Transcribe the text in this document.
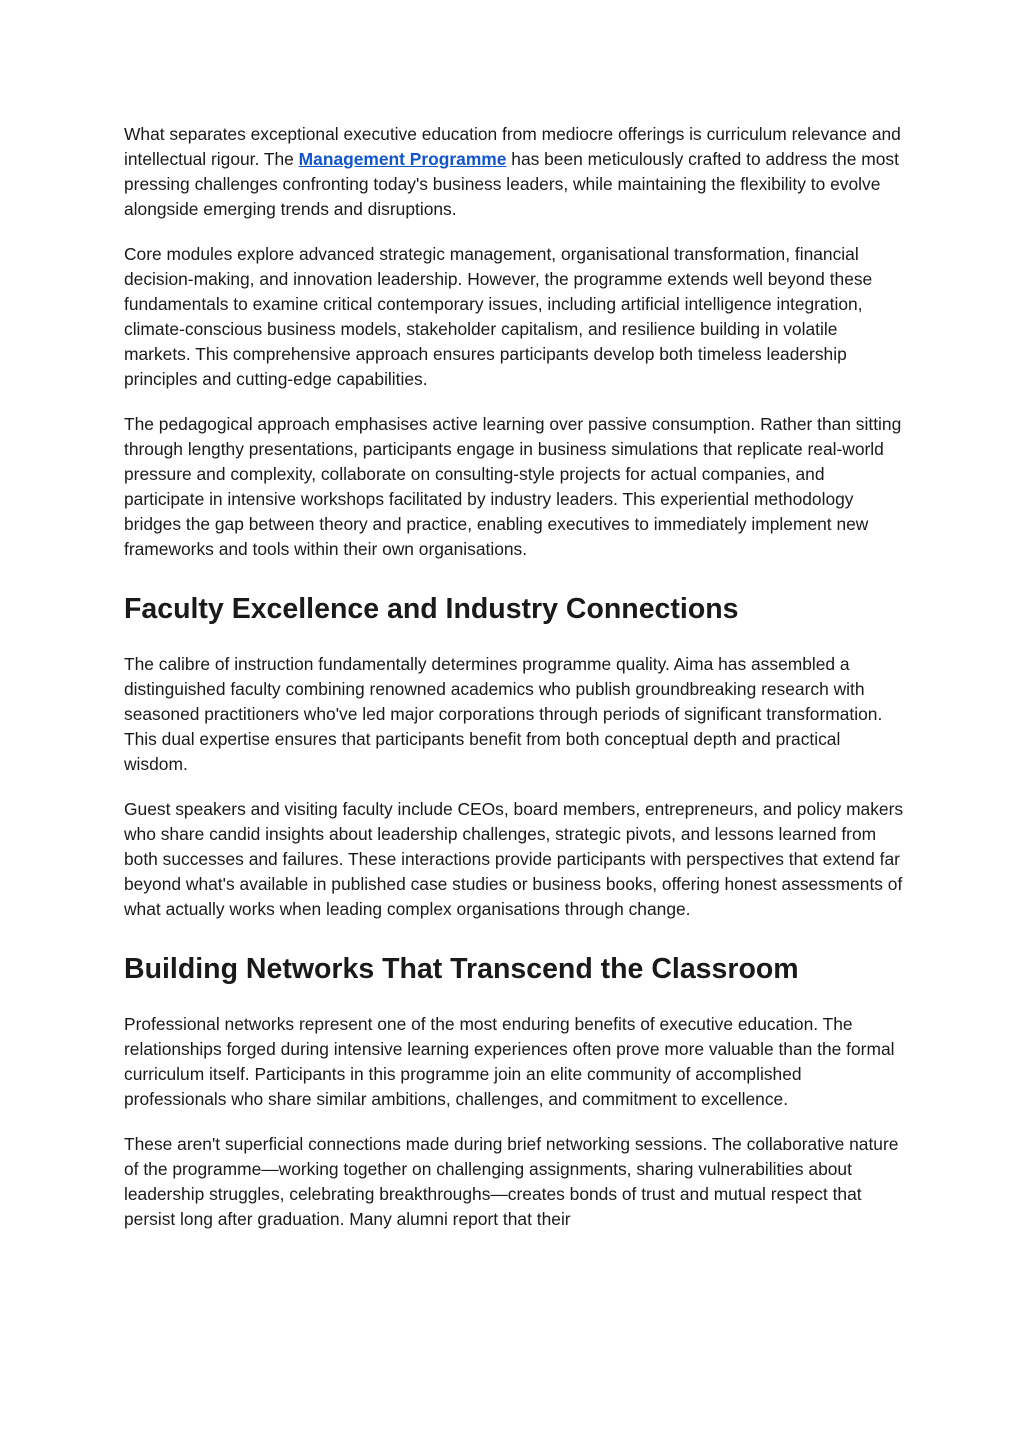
What separates exceptional executive education from mediocre offerings is curriculum relevance and intellectual rigour. The Management Programme has been meticulously crafted to address the most pressing challenges confronting today's business leaders, while maintaining the flexibility to evolve alongside emerging trends and disruptions.

Core modules explore advanced strategic management, organisational transformation, financial decision-making, and innovation leadership. However, the programme extends well beyond these fundamentals to examine critical contemporary issues, including artificial intelligence integration, climate-conscious business models, stakeholder capitalism, and resilience building in volatile markets. This comprehensive approach ensures participants develop both timeless leadership principles and cutting-edge capabilities.

The pedagogical approach emphasises active learning over passive consumption. Rather than sitting through lengthy presentations, participants engage in business simulations that replicate real-world pressure and complexity, collaborate on consulting-style projects for actual companies, and participate in intensive workshops facilitated by industry leaders. This experiential methodology bridges the gap between theory and practice, enabling executives to immediately implement new frameworks and tools within their own organisations.

Faculty Excellence and Industry Connections

The calibre of instruction fundamentally determines programme quality. Aima has assembled a distinguished faculty combining renowned academics who publish groundbreaking research with seasoned practitioners who've led major corporations through periods of significant transformation. This dual expertise ensures that participants benefit from both conceptual depth and practical wisdom.

Guest speakers and visiting faculty include CEOs, board members, entrepreneurs, and policy makers who share candid insights about leadership challenges, strategic pivots, and lessons learned from both successes and failures. These interactions provide participants with perspectives that extend far beyond what's available in published case studies or business books, offering honest assessments of what actually works when leading complex organisations through change.

Building Networks That Transcend the Classroom

Professional networks represent one of the most enduring benefits of executive education. The relationships forged during intensive learning experiences often prove more valuable than the formal curriculum itself. Participants in this programme join an elite community of accomplished professionals who share similar ambitions, challenges, and commitment to excellence.

These aren't superficial connections made during brief networking sessions. The collaborative nature of the programme—working together on challenging assignments, sharing vulnerabilities about leadership struggles, celebrating breakthroughs—creates bonds of trust and mutual respect that persist long after graduation. Many alumni report that their
